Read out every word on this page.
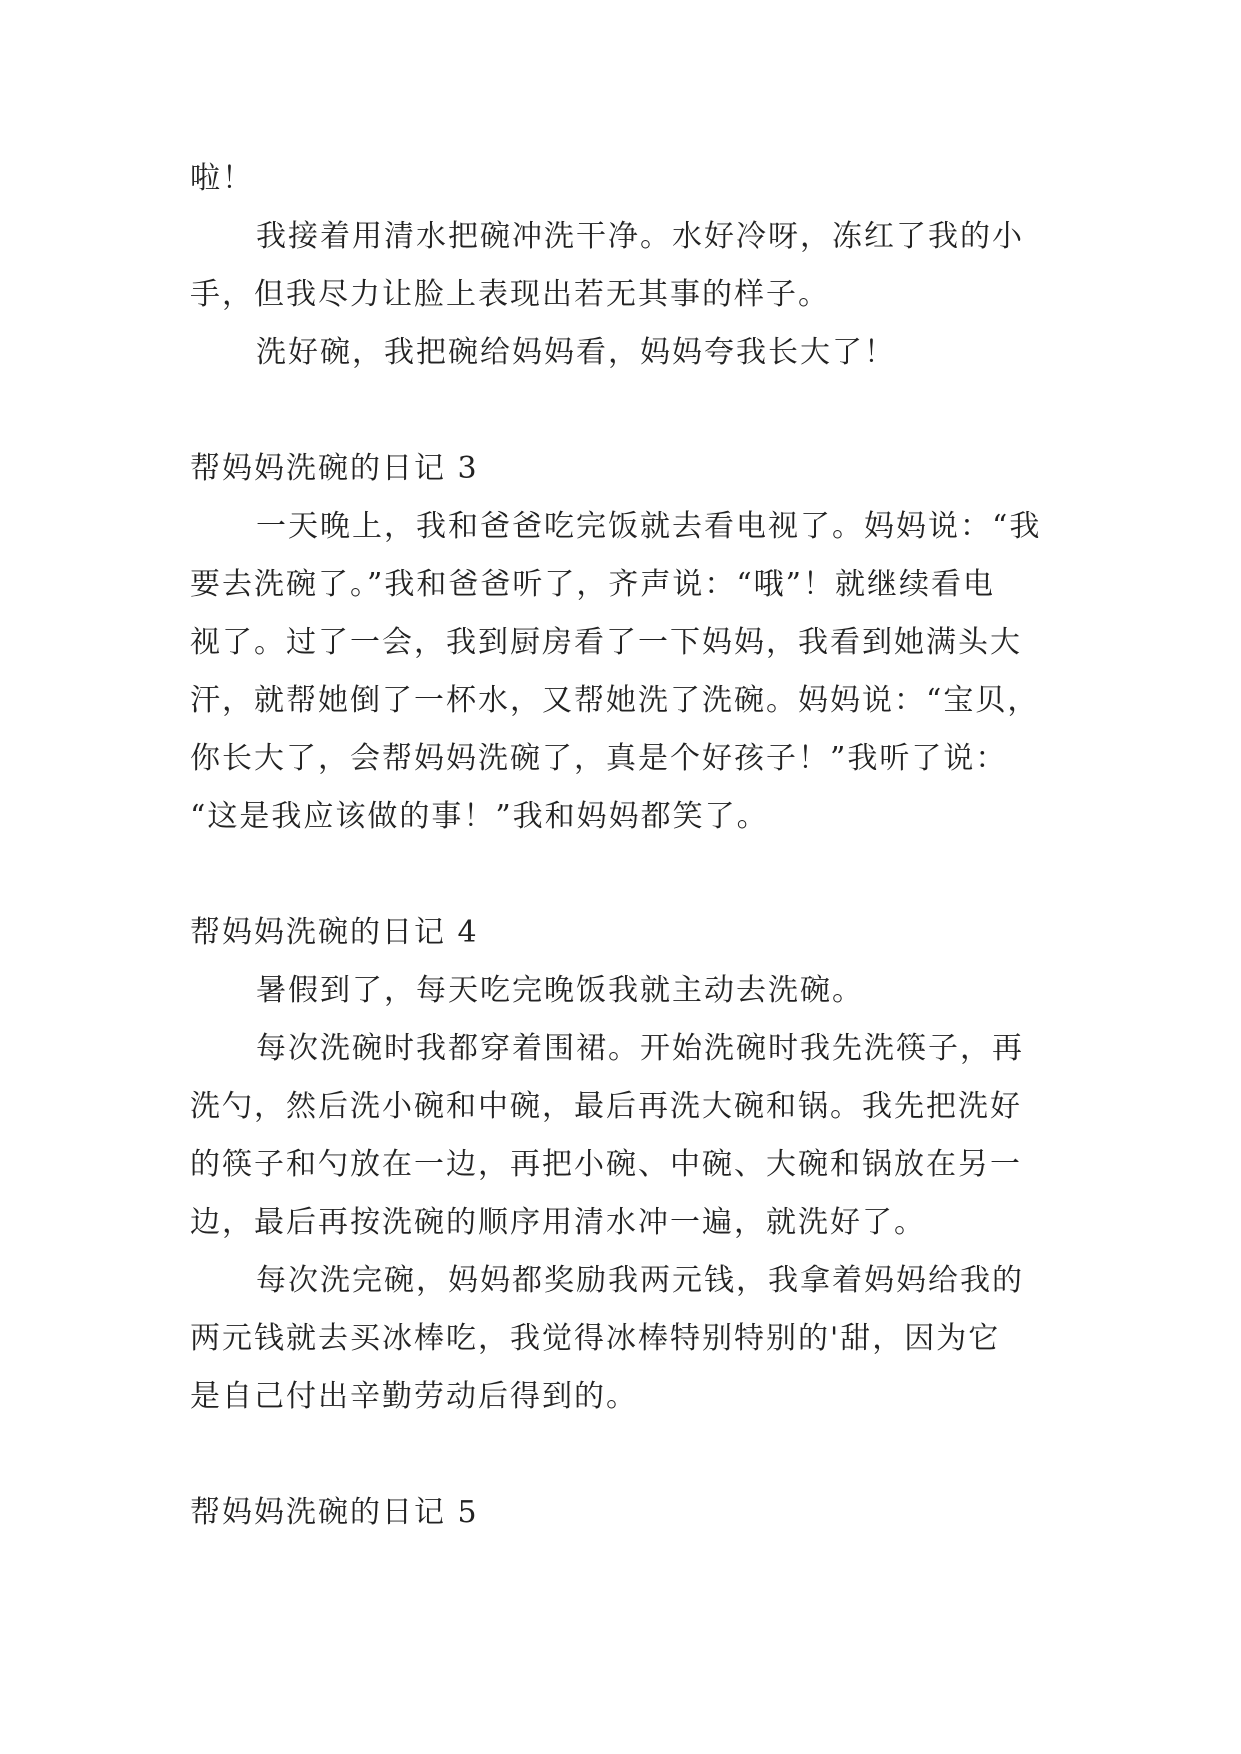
啦！
我接着用清水把碗冲洗干净。水好冷呀，冻红了我的小
手，但我尽力让脸上表现出若无其事的样子。
洗好碗，我把碗给妈妈看，妈妈夸我长大了！
帮妈妈洗碗的日记 3
一天晚上，我和爸爸吃完饭就去看电视了。妈妈说：“我
要去洗碗了。”我和爸爸听了，齐声说：“哦”！就继续看电
视了。过了一会，我到厨房看了一下妈妈，我看到她满头大
汗，就帮她倒了一杯水，又帮她洗了洗碗。妈妈说：“宝贝，
你长大了，会帮妈妈洗碗了，真是个好孩子！”我听了说：
“这是我应该做的事！”我和妈妈都笑了。
帮妈妈洗碗的日记 4
暑假到了，每天吃完晚饭我就主动去洗碗。
每次洗碗时我都穿着围裙。开始洗碗时我先洗筷子，再
洗勺，然后洗小碗和中碗，最后再洗大碗和锅。我先把洗好
的筷子和勺放在一边，再把小碗、中碗、大碗和锅放在另一
边，最后再按洗碗的顺序用清水冲一遍，就洗好了。
每次洗完碗，妈妈都奖励我两元钱，我拿着妈妈给我的
两元钱就去买冰棒吃，我觉得冰棒特别特别的'甜，因为它
是自己付出辛勤劳动后得到的。
帮妈妈洗碗的日记 5
